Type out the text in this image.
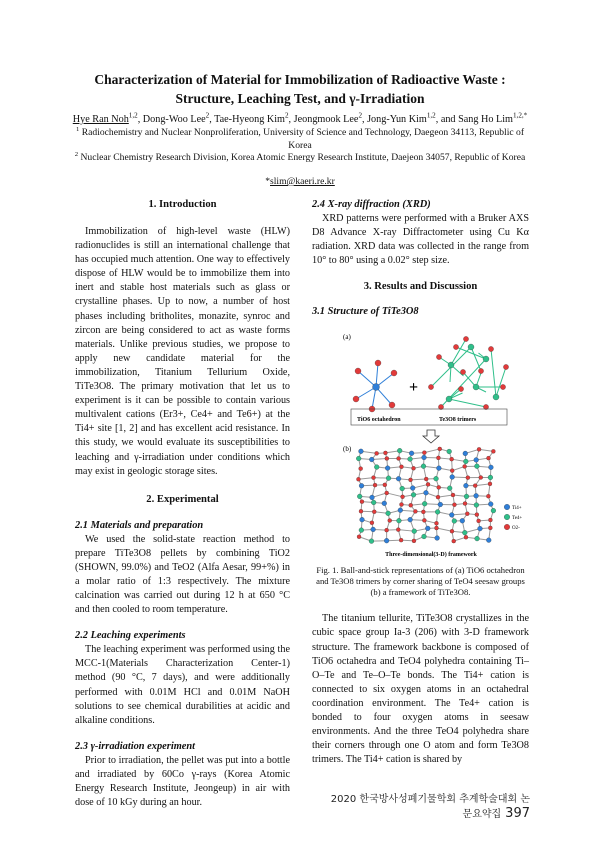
Characterization of Material for Immobilization of Radioactive Waste :
Structure, Leaching Test, and γ-Irradiation
Hye Ran Noh$^{1,2}$, Dong-Woo Lee$^2$, Tae-Hyeong Kim$^2$, Jeongmook Lee$^2$, Jong-Yun Kim$^{1,2}$, and Sang Ho Lim$^{1,2,*}$
$^1$ Radiochemistry and Nuclear Nonproliferation, University of Science and Technology, Daegeon 34113, Republic of Korea
$^2$ Nuclear Chemistry Research Division, Korea Atomic Energy Research Institute, Daejeon 34057, Republic of Korea
*slim@kaeri.re.kr
1. Introduction

Immobilization of high-level waste (HLW) radionuclides is still an international challenge that has occupied much attention. One way to effectively dispose of HLW would be to immobilize them into inert and stable host materials such as glass or crystalline phases. Up to now, a number of host phases including britholites, monazite, synroc and zircon are being considered to act as waste forms materials. Unlike previous studies, we propose to apply new candidate material for the immobilization, Titanium Tellurium Oxide, TiTe3O8. The primary motivation that let us to experiment is it can be possible to contain various multivalent cations (Er3+, Ce4+ and Te6+) at the Ti4+ site [1, 2] and has excellent acid resistance. In this study, we would evaluate its susceptibilities to leaching and γ-irradiation under conditions which may exist in geologic storage sites.

2. Experimental
2.1 Materials and preparation

We used the solid-state reaction method to prepare TiTe3O8 pellets by combining TiO2 (SHOWN, 99.0%) and TeO2 (Alfa Aesar, 99+%) in a molar ratio of 1:3 respectively. The mixture calcination was carried out during 12 h at 650 °C and then cooled to room temperature.

2.2 Leaching experiments

The leaching experiment was performed using the MCC-1(Materials Characterization Center-1) method (90 °C, 7 days), and were additionally performed with 0.01M HCl and 0.01M NaOH solutions to see chemical durabilities at acidic and alkaline conditions.

2.3 γ-irradiation experiment

Prior to irradiation, the pellet was put into a bottle and irradiated by 60Co γ-rays (Korea Atomic Energy Research Institute, Jeongeup) in air with dose of 10 kGy during an hour.

2.4 X-ray diffraction (XRD)

XRD patterns were performed with a Bruker AXS D8 Advance X-ray Diffractometer using Cu Kα radiation. XRD data was collected in the range from 10° to 80° using a 0.02° step size.

3. Results and Discussion
3.1 Structure of TiTe3O8
(a)
+
TiO6 octahedron	Te3O8 trimers
(b)
Ti4+
Te4+
O2-
Three-dimensional(3-D) framework
Fig. 1. Ball-and-stick representations of (a) TiO6 octahedron and Te3O8 trimers by corner sharing of TeO4 seesaw groups (b) a framework of TiTe3O8.

The titanium tellurite, TiTe3O8 crystallizes in the cubic space group Ia-3 (206) with 3-D framework structure. The framework backbone is composed of TiO6 octahedra and TeO4 polyhedra containing Ti–O–Te and Te–O–Te bonds. The Ti4+ cation is connected to six oxygen atoms in an octahedral coordination environment. The Te4+ cation is bonded to four oxygen atoms in seesaw environments. And the three TeO4 polyhedra share their corners through one O atom and form Te3O8 trimers. The Ti4+ cation is shared by

2020 한국방사성폐기물학회 추계학술대회 논문요약집 397
